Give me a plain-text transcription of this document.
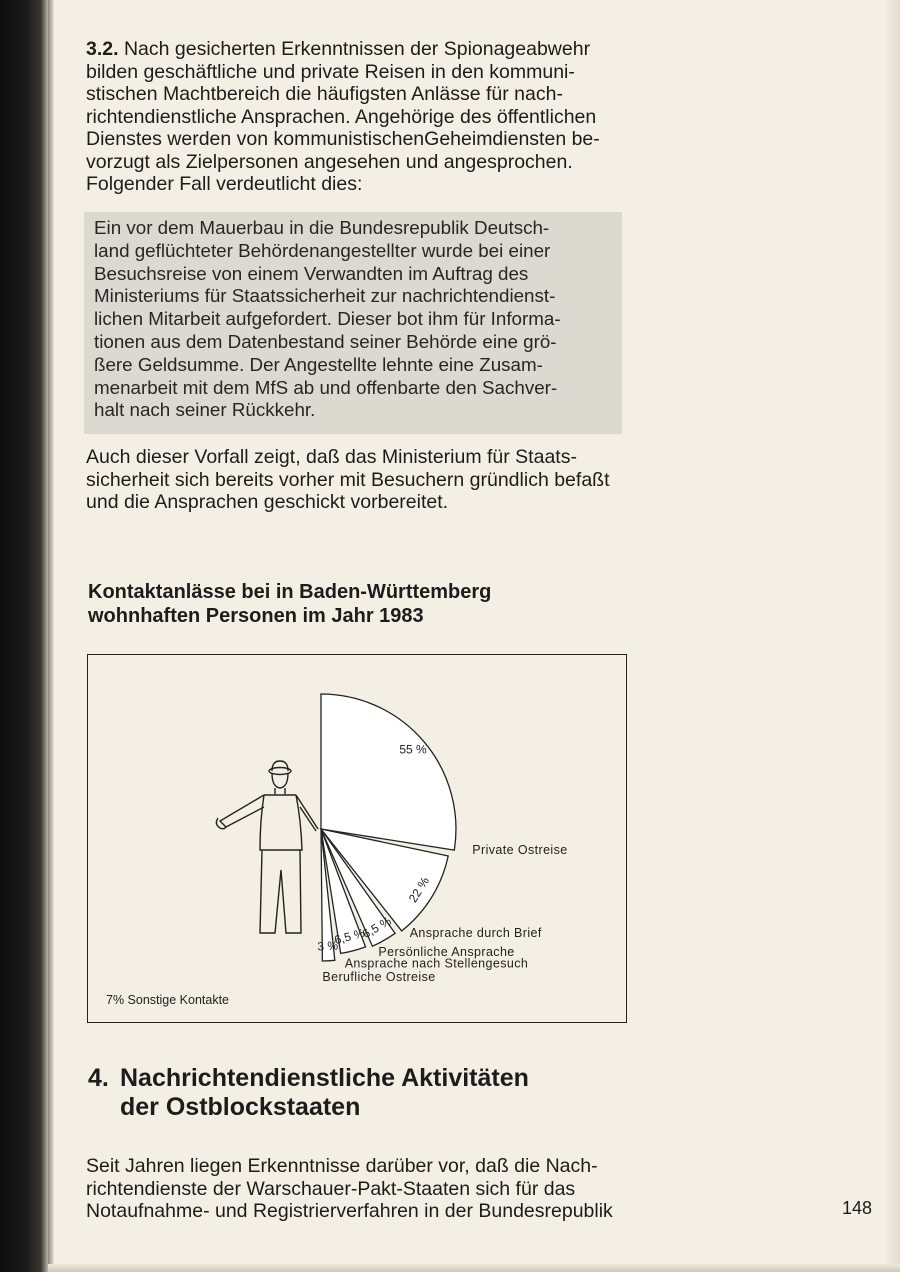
3.2. Nach gesicherten Erkenntnissen der Spionageabwehr
bilden geschäftliche und private Reisen in den kommuni-
stischen Machtbereich die häufigsten Anlässe für nach-
richtendienstliche Ansprachen. Angehörige des öffentlichen
Dienstes werden von kommunistischenGeheimdiensten be-
vorzugt als Zielpersonen angesehen und angesprochen.
Folgender Fall verdeutlicht dies:

Ein vor dem Mauerbau in die Bundesrepublik Deutsch-
land geflüchteter Behördenangestellter wurde bei einer
Besuchsreise von einem Verwandten im Auftrag des
Ministeriums für Staatssicherheit zur nachrichtendienst-
lichen Mitarbeit aufgefordert. Dieser bot ihm für Informa-
tionen aus dem Datenbestand seiner Behörde eine grö-
ßere Geldsumme. Der Angestellte lehnte eine Zusam-
menarbeit mit dem MfS ab und offenbarte den Sachver-
halt nach seiner Rückkehr.

Auch dieser Vorfall zeigt, daß das Ministerium für Staats-
sicherheit sich bereits vorher mit Besuchern gründlich befaßt
und die Ansprachen geschickt vorbereitet.

Kontaktanlässe bei in Baden-Württemberg
wohnhaften Personen im Jahr 1983
55 %
Private Ostreise
22 %
Ansprache durch Brief
6,5 %
Persönliche Ansprache
6,5 %
Ansprache nach Stellengesuch
3 %
Berufliche Ostreise
7% Sonstige Kontakte
4. Nachrichtendienstliche Aktivitäten
der Ostblockstaaten

Seit Jahren liegen Erkenntnisse darüber vor, daß die Nach-
richtendienste der Warschauer-Pakt-Staaten sich für das
Notaufnahme- und Registrierverfahren in der Bundesrepublik	148
